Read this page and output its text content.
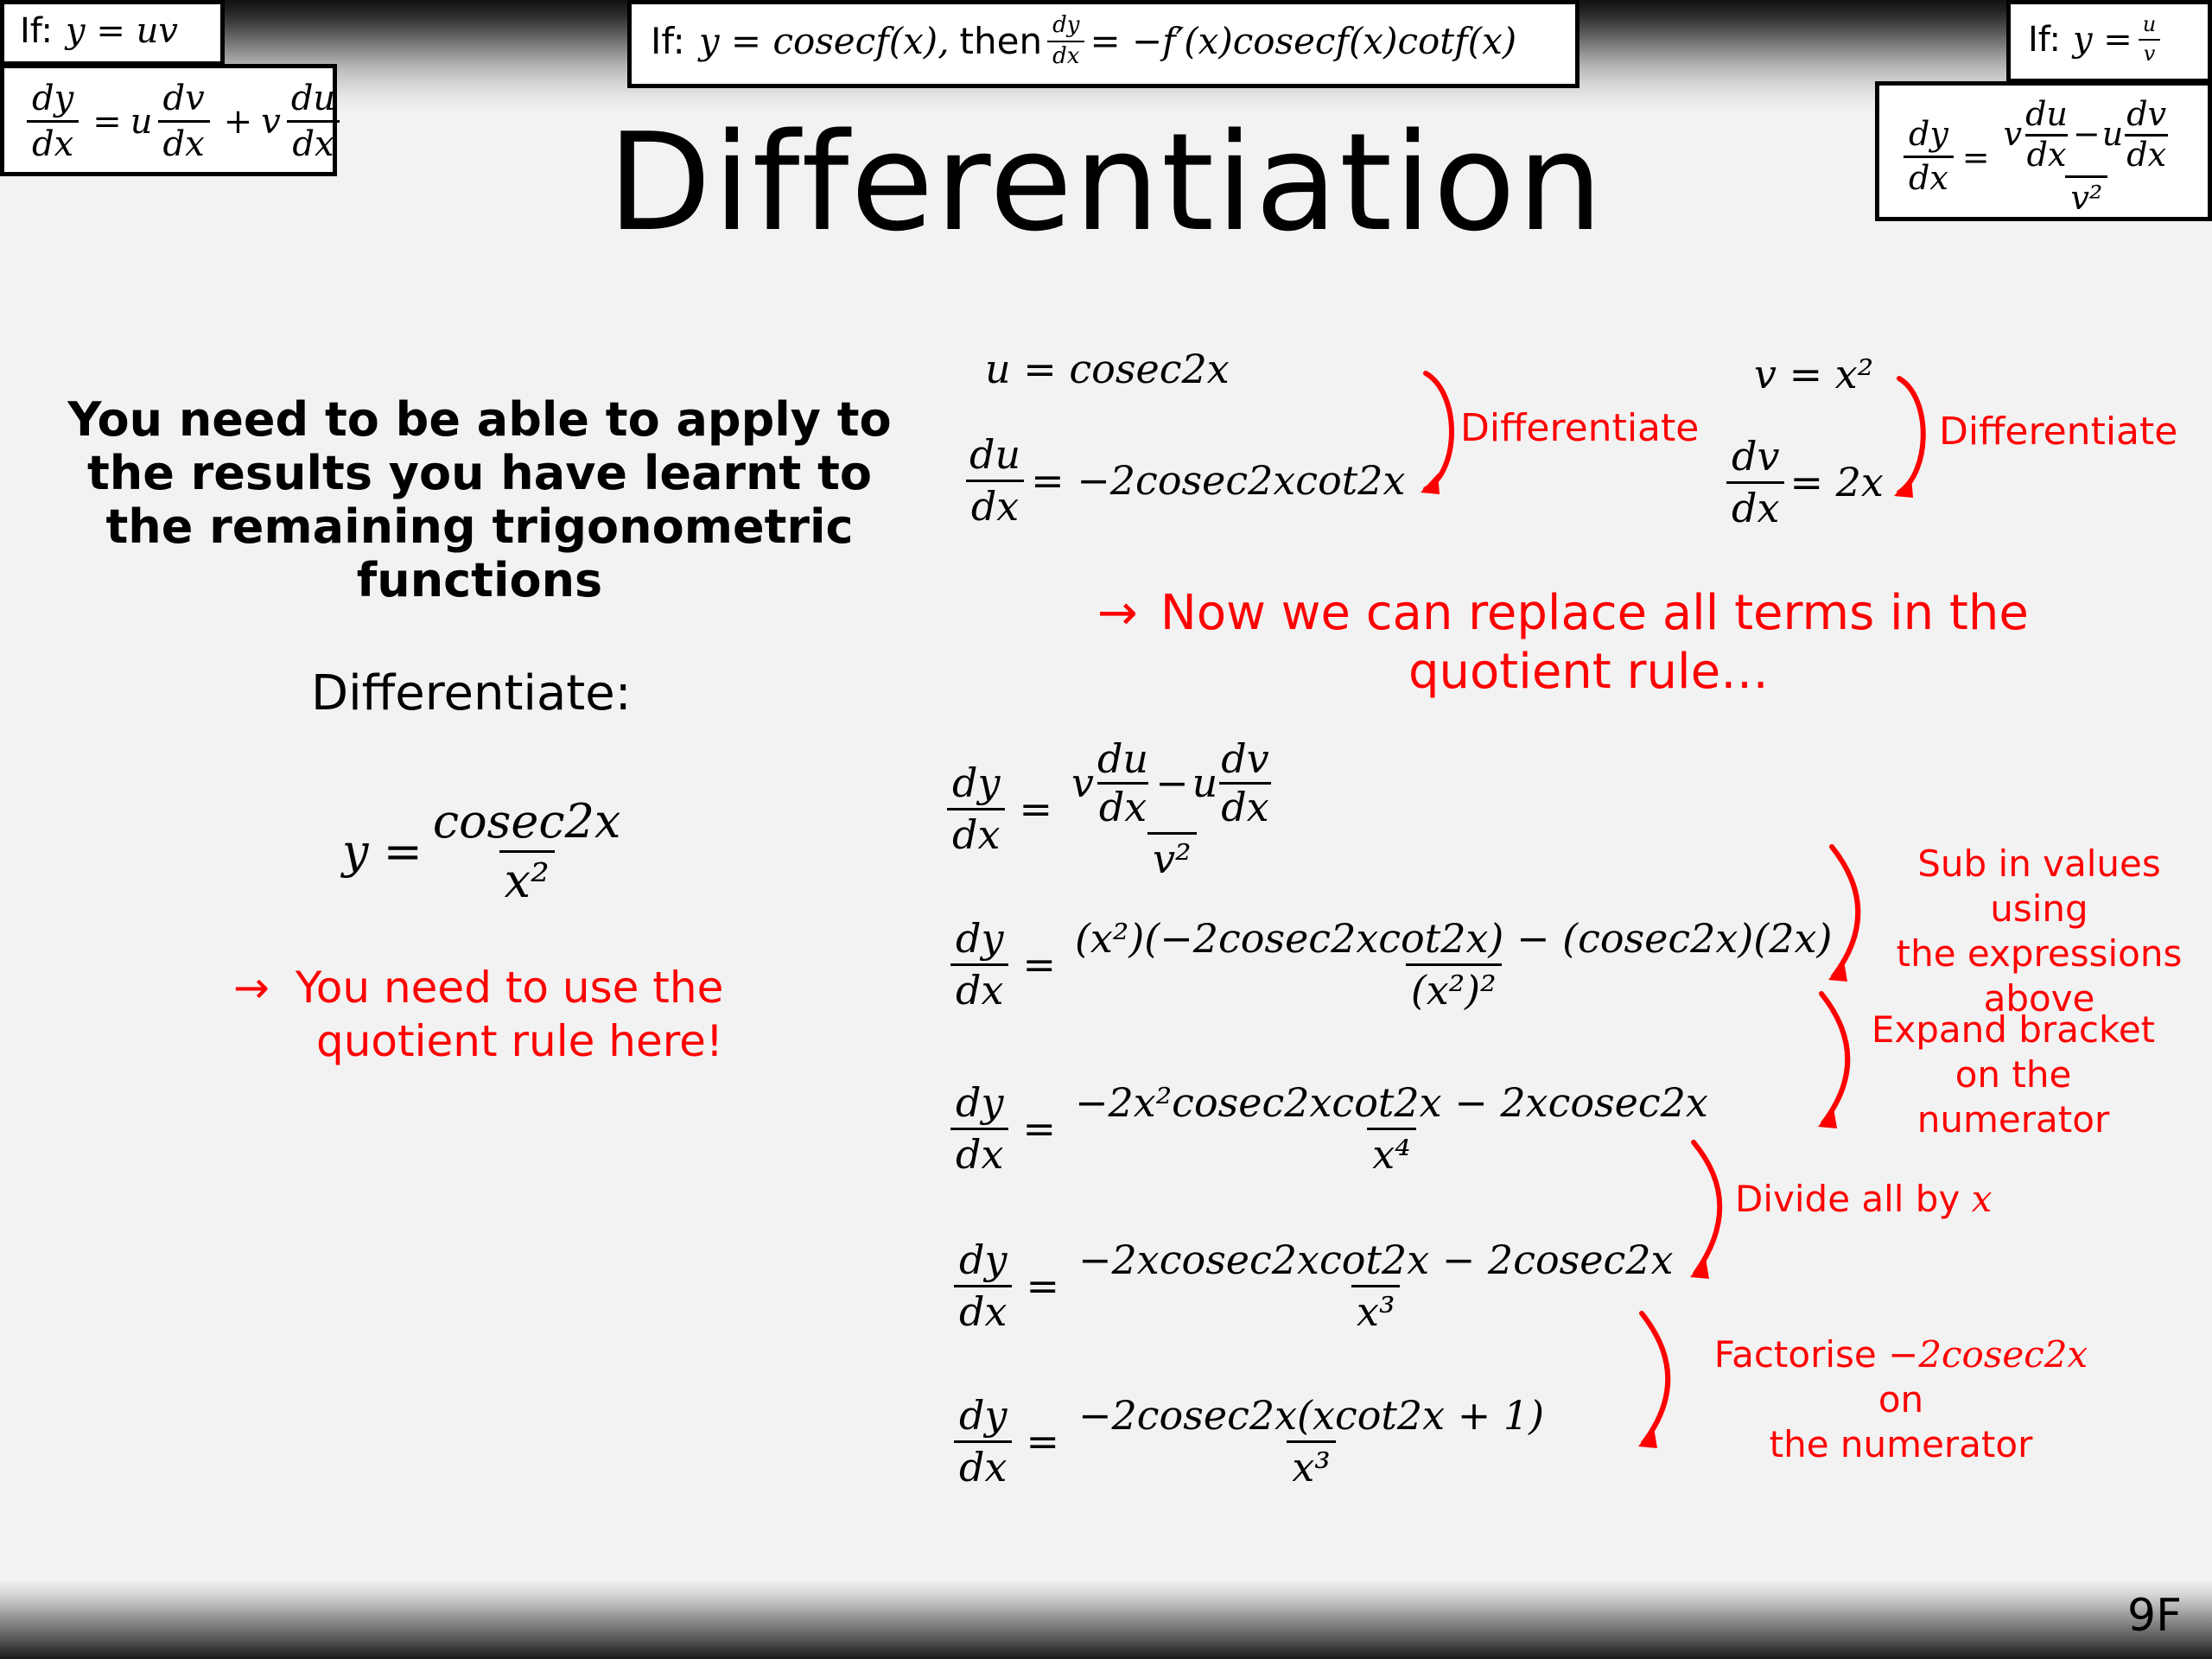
If: y = uv
$\frac{dy}{dx} = u \frac{dv}{dx} + v \frac{du}{dx}$
If: y = cosecf(x), then $\frac{dy}{dx} = -f'(x)cosecf(x)\cot f(x)$	If: $y = \frac{u}{v}$
$\frac{dy}{dx} = \frac{v \frac{du}{dx} - u \frac{dv}{dx}}{\text{v²}}$
Differentiation
You need to be able to apply to the results you have learnt to the remaining trigonometric functions
Differentiate:
$y = \frac{cosec2x}{\text{x²}}$
→ You need to use the
quotient rule here!
u = cosec2x
$\frac{du}{dx} = -2cosec2xcot2x$
Differentiate
v = x²
$\frac{dv}{dx} = 2x$
Differentiate
→ Now we can replace all terms in the
quotient rule…
$\frac{dy}{dx} = \frac{v \frac{du}{dx} - u \frac{dv}{dx}}{\text{v²}}$
$\frac{dy}{dx} = \frac{\text{(x²)(−2cosec2xcot2x) − (cosec2x)(2x)}}{\text{(x²)²}}$
$\frac{dy}{dx} = \frac{\text{−2x²cosec2xcot2x − 2xcosec2x}}{\text{x⁴}}$
$\frac{dy}{dx} = \frac{\text{−2xcosec2xcot2x − 2cosec2x}}{\text{x³}}$
$\frac{dy}{dx} = \frac{-2cosec2x(xcot2x + 1)}{\text{x³}}$
Sub in values using
the expressions
above
Expand bracket
on the numerator
Divide all by x
Factorise −2cosec2x on
the numerator
9F
